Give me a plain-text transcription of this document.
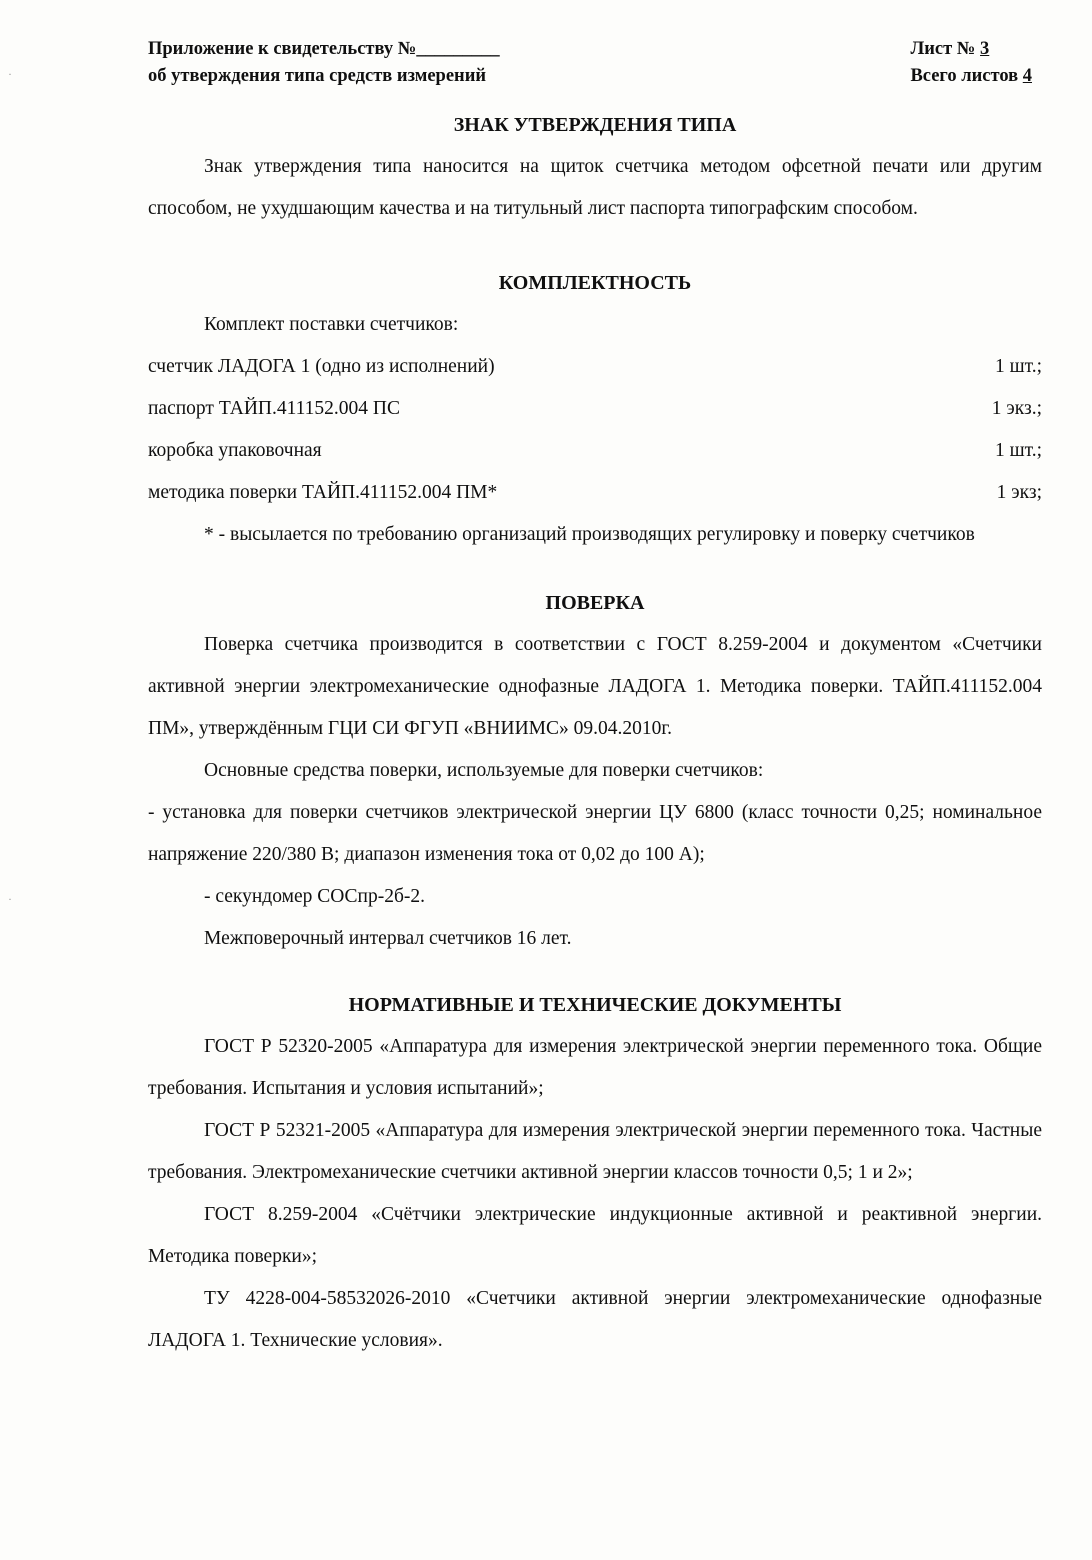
·
·
Приложение к свидетельству №_________
об утверждения типа средств измерений
Лист № 3
Всего листов 4
ЗНАК УТВЕРЖДЕНИЯ ТИПА

Знак утверждения типа наносится на щиток счетчика методом офсетной печати или другим способом, не ухудшающим качества и на титульный лист паспорта типографским способом.

КОМПЛЕКТНОСТЬ

Комплект поставки счетчиков:

счетчик ЛАДОГА 1 (одно из исполнений)	1 шт.;
паспорт ТАЙП.411152.004 ПС	1 экз.;
коробка упаковочная	1 шт.;
методика поверки ТАЙП.411152.004 ПМ*	1 экз;

* - высылается по требованию организаций производящих регулировку и поверку счетчиков

ПОВЕРКА

Поверка счетчика производится в соответствии с ГОСТ 8.259-2004 и документом «Счетчики активной энергии электромеханические однофазные ЛАДОГА 1. Методика поверки. ТАЙП.411152.004 ПМ», утверждённым ГЦИ СИ ФГУП «ВНИИМС» 09.04.2010г.

Основные средства поверки, используемые для поверки счетчиков:

- установка для поверки счетчиков электрической энергии ЦУ 6800 (класс точности 0,25; номинальное напряжение 220/380 В; диапазон изменения тока от 0,02 до 100 А);

- секундомер СОСпр-2б-2.

Межповерочный интервал счетчиков 16 лет.

НОРМАТИВНЫЕ И ТЕХНИЧЕСКИЕ ДОКУМЕНТЫ

ГОСТ Р 52320-2005 «Аппаратура для измерения электрической энергии переменного тока. Общие требования. Испытания и условия испытаний»;

ГОСТ Р 52321-2005 «Аппаратура для измерения электрической энергии переменного тока. Частные требования. Электромеханические счетчики активной энергии классов точности 0,5; 1 и 2»;

ГОСТ 8.259-2004 «Счётчики электрические индукционные активной и реактивной энергии. Методика поверки»;

ТУ 4228-004-58532026-2010 «Счетчики активной энергии электромеханические однофазные ЛАДОГА 1. Технические условия».
